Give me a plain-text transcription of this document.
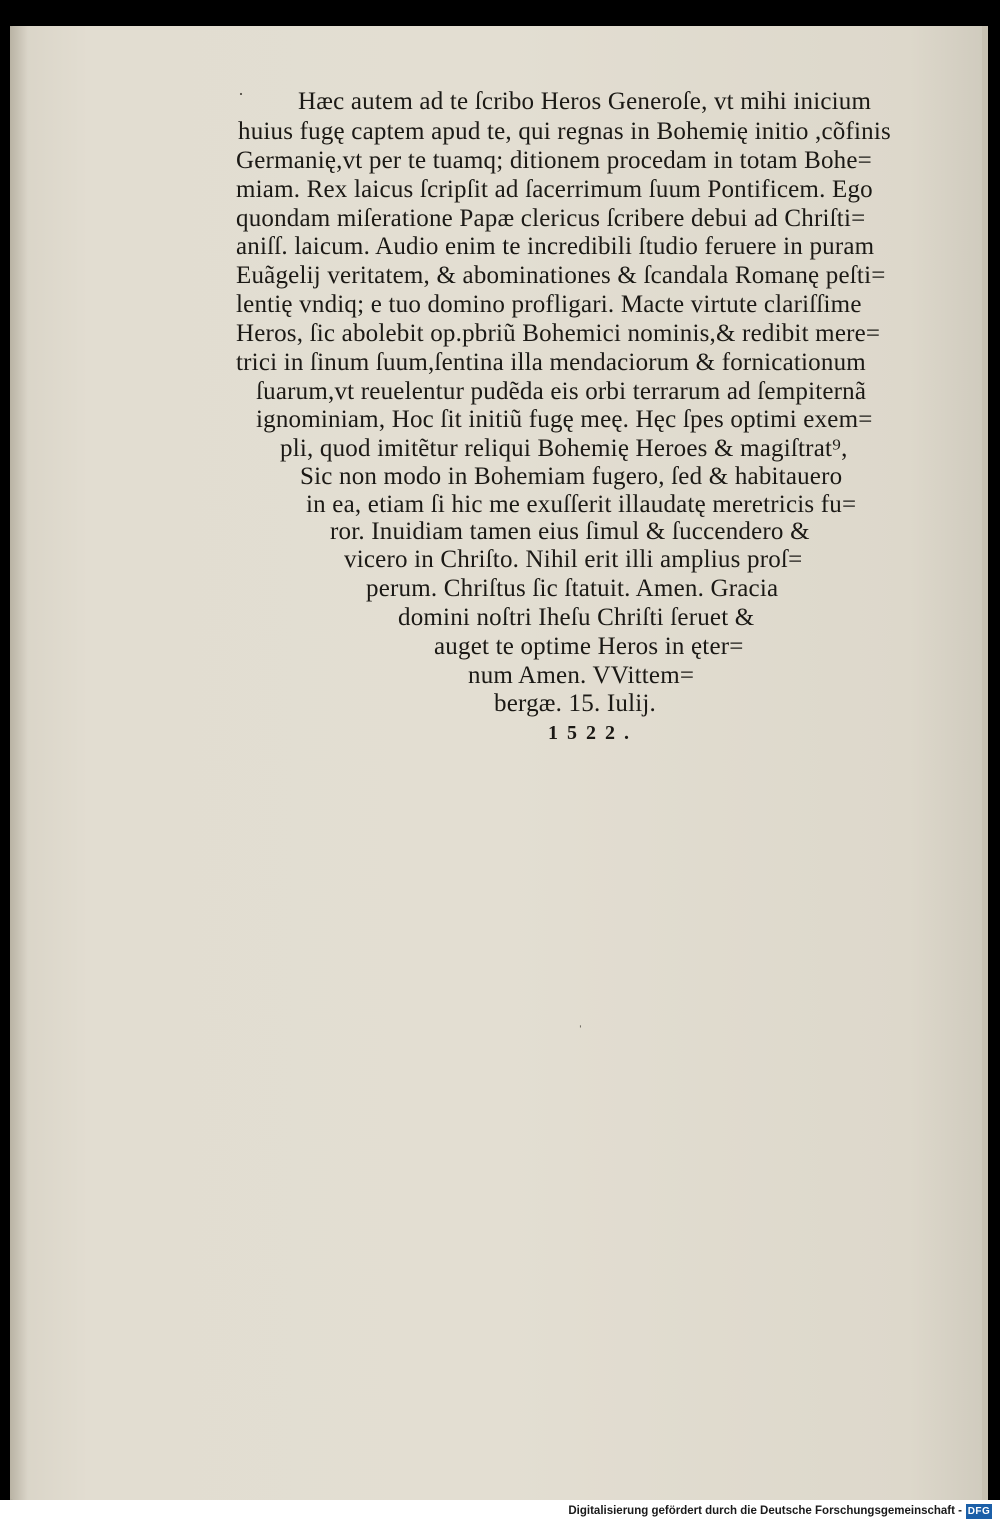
Hæc autem ad te ſcribo Heros Generoſe, vt mihi inicium
huius fugę captem apud te, qui regnas in Bohemię initio ,cõfinis
Germanię,vt per te tuamq; ditionem procedam in totam Bohe=
miam. Rex laicus ſcripſit ad ſacerrimum ſuum Pontificem. Ego
quondam miſeratione Papæ clericus ſcribere debui ad Chriſti=
aniſſ. laicum. Audio enim te incredibili ſtudio feruere in puram
Euãgelij veritatem, & abominationes & ſcandala Romanę peſti=
lentię vndiq; e tuo domino profligari. Macte virtute clariſſime
Heros, ſic abolebit op.pbriũ Bohemici nominis,& redibit mere=
trici in ſinum ſuum,ſentina illa mendaciorum & fornicationum
ſuarum,vt reuelentur pudẽda eis orbi terrarum ad ſempiternã
ignominiam, Hoc ſit initiũ fugę meę. Hęc ſpes optimi exem=
pli, quod imitẽtur reliqui Bohemię Heroes & magiſtrat⁹,
Sic non modo in Bohemiam fugero, ſed & habitauero
in ea, etiam ſi hic me exuſſerit illaudatę meretricis fu=
ror. Inuidiam tamen eius ſimul & ſuccendero &
vicero in Chriſto. Nihil erit illi amplius proſ=
perum. Chriſtus ſic ſtatuit. Amen. Gracia
domini noſtri Iheſu Chriſti ſeruet &
auget te optime Heros in ęter=
num Amen. VVittem=
bergæ. 15. Iulij.
1522.
·
ˈ
Digitalisierung gefördert durch die Deutsche Forschungsgemeinschaft - DFG
